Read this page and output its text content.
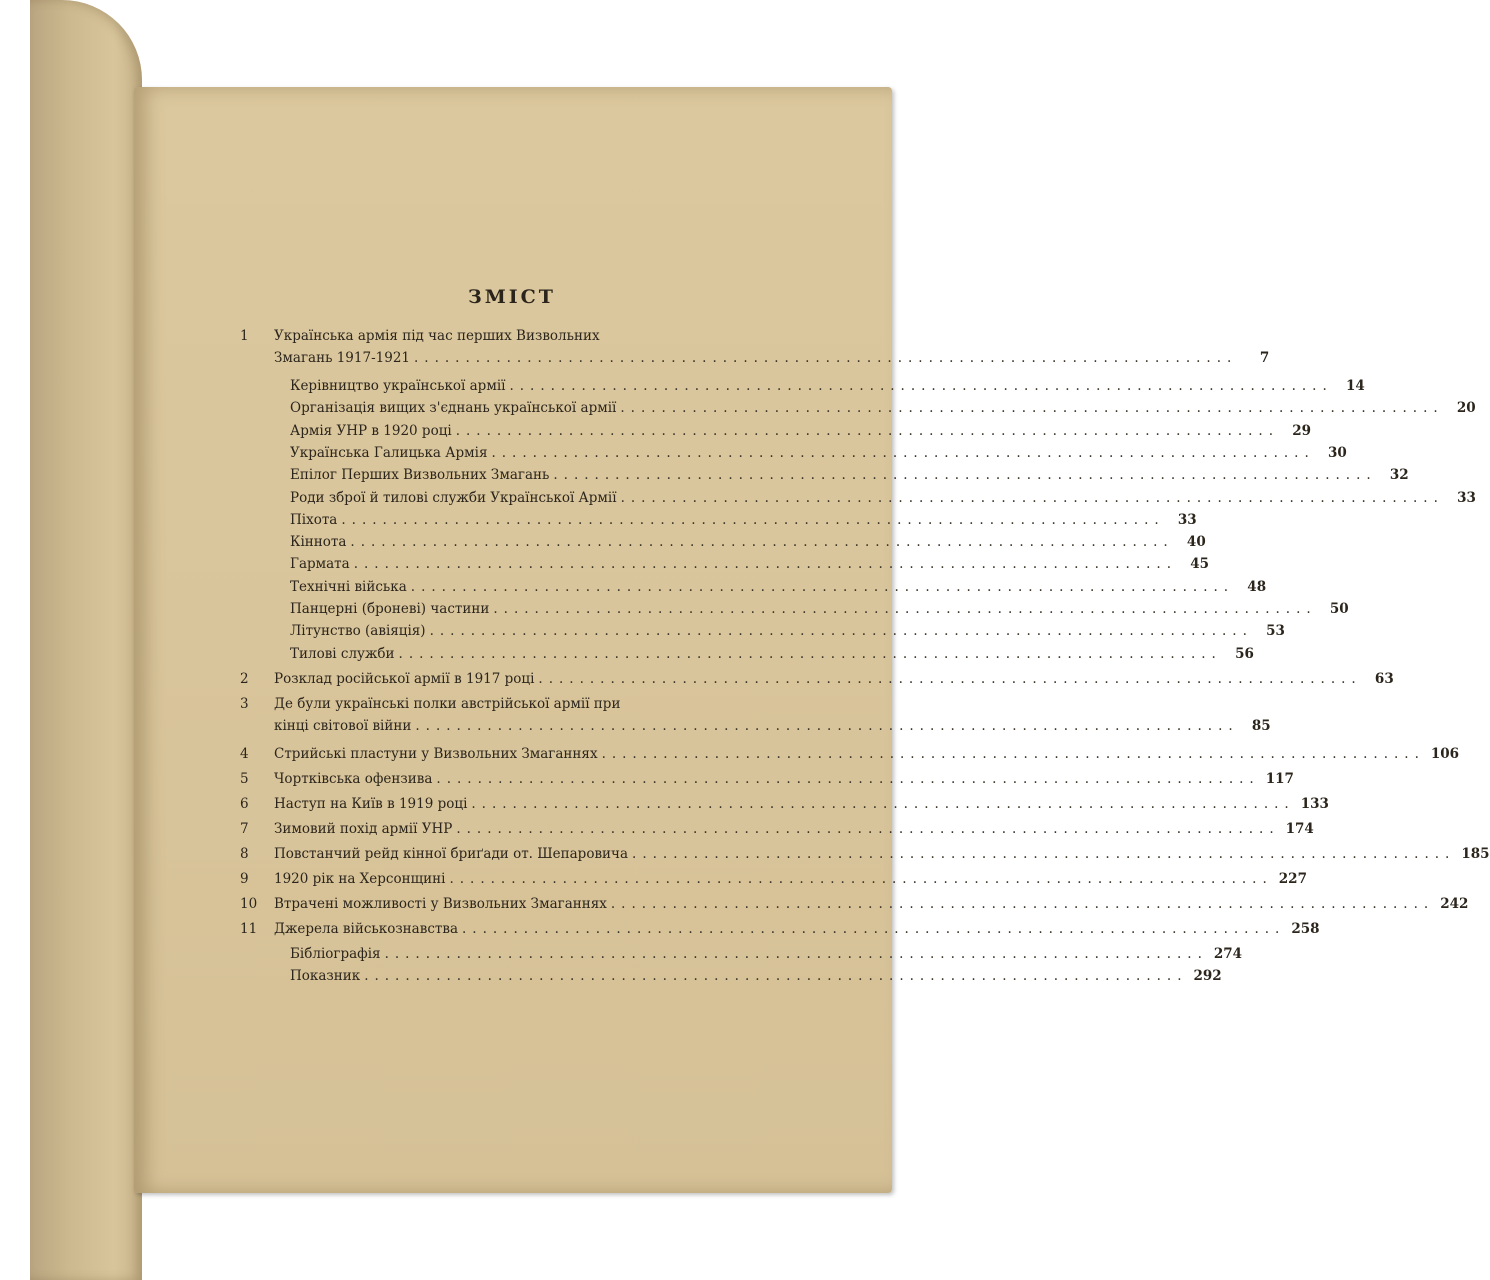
ЗМІСТ
1	Українська армія під час перших Визвольних
Змагань 1917-1921 ................................................................................	7
Керівництво української армії ................................................................................ 14
Організація вищих з'єднань української армії ................................................................................ 20
Армія УНР в 1920 році ................................................................................ 29
Українська Галицька Армія ................................................................................ 30
Епілог Перших Визвольних Змагань ................................................................................ 32
Роди зброї й тилові служби Української Армії ................................................................................ 33
Піхота ................................................................................ 33
Кіннота ................................................................................ 40
Гармата ................................................................................ 45
Технічні війська ................................................................................ 48
Панцерні (броневі) частини ................................................................................ 50
Літунство (авіяція) ................................................................................ 53
Тилові служби ................................................................................ 56
2	Розклад російської армії в 1917 році ................................................................................ 63
3	Де були українські полки австрійської армії при
кінці світової війни ................................................................................ 85
4	Стрийські пластуни у Визвольних Змаганнях ................................................................................ 106
5	Чортківська офензива ................................................................................ 117
6	Наступ на Київ в 1919 році ................................................................................ 133
7	Зимовий похід армії УНР ................................................................................ 174
8	Повстанчий рейд кінної бриґади от. Шепаровича ................................................................................ 185
9	1920 рік на Херсонщині ................................................................................ 227
10	Втрачені можливості у Визвольних Змаганнях ................................................................................ 242
11	Джерела військознавства ................................................................................ 258
Бібліографія ................................................................................ 274
Показник ................................................................................ 292
